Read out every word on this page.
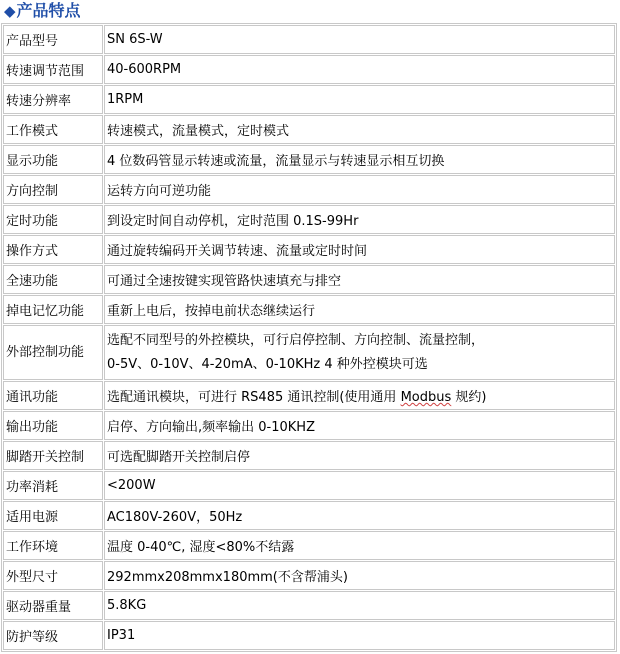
◆产品特点
产品型号	SN 6S-W
转速调节范围	40-600RPM
转速分辨率	1RPM
工作模式	转速模式，流量模式，定时模式
显示功能	4 位数码管显示转速或流量，流量显示与转速显示相互切换
方向控制	运转方向可逆功能
定时功能	到设定时间自动停机，定时范围 0.1S-99Hr
操作方式	通过旋转编码开关调节转速、流量或定时时间
全速功能	可通过全速按键实现管路快速填充与排空
掉电记忆功能	重新上电后，按掉电前状态继续运行
外部控制功能	选配不同型号的外控模块，可行启停控制、方向控制、流量控制，
0-5V、0-10V、4-20mA、0-10KHz 4 种外控模块可选

通讯功能	选配通讯模块，可进行 RS485 通讯控制(使用通用 Modbus 规约)
输出功能	启停、方向输出,频率输出 0-10KHZ
脚踏开关控制	可选配脚踏开关控制启停
功率消耗	<200W
适用电源	AC180V-260V，50Hz
工作环境	温度 0-40℃, 湿度<80%不结露
外型尺寸	292mmx208mmx180mm(不含帮浦头)
驱动器重量	5.8KG
防护等级	IP31
